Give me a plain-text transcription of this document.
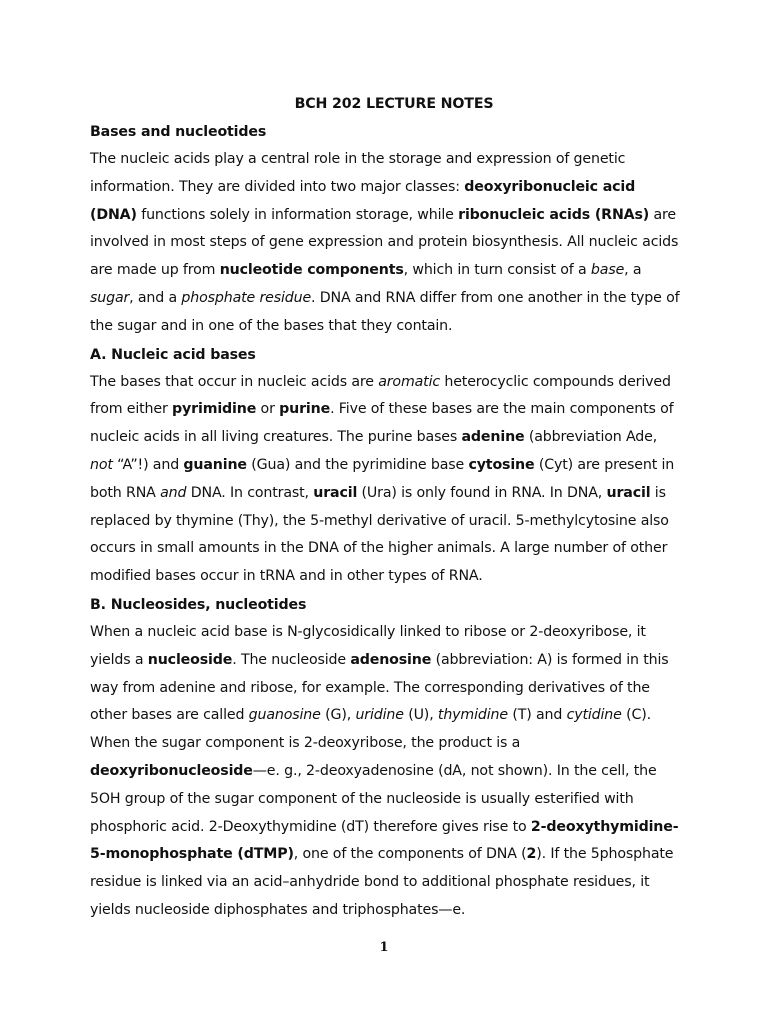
BCH 202 LECTURE NOTES

Bases and nucleotides

The nucleic acids play a central role in the storage and expression of genetic information. They are divided into two major classes: deoxyribonucleic acid (DNA) functions solely in information storage, while ribonucleic acids (RNAs) are involved in most steps of gene expression and protein biosynthesis. All nucleic acids are made up from nucleotide components, which in turn consist of a base, a sugar, and a phosphate residue. DNA and RNA differ from one another in the type of the sugar and in one of the bases that they contain.

A. Nucleic acid bases

The bases that occur in nucleic acids are aromatic heterocyclic compounds derived from either pyrimidine or purine. Five of these bases are the main components of nucleic acids in all living creatures. The purine bases adenine (abbreviation Ade, not “A”!) and guanine (Gua) and the pyrimidine base cytosine (Cyt) are present in both RNA and DNA. In contrast, uracil (Ura) is only found in RNA. In DNA, uracil is replaced by thymine (Thy), the 5-methyl derivative of uracil. 5-methylcytosine also occurs in small amounts in the DNA of the higher animals. A large number of other modified bases occur in tRNA and in other types of RNA.

B. Nucleosides, nucleotides

When a nucleic acid base is N-glycosidically linked to ribose or 2-deoxyribose, it yields a nucleoside. The nucleoside adenosine (abbreviation: A) is formed in this way from adenine and ribose, for example. The corresponding derivatives of the other bases are called guanosine (G), uridine (U), thymidine (T) and cytidine (C). When the sugar component is 2-deoxyribose, the product is a deoxyribonucleoside—e. g., 2-deoxyadenosine (dA, not shown). In the cell, the 5OH group of the sugar component of the nucleoside is usually esterified with phosphoric acid. 2-Deoxythymidine (dT) therefore gives rise to 2-deoxythymidine-5-monophosphate (dTMP), one of the components of DNA (2). If the 5phosphate residue is linked via an acid–anhydride bond to additional phosphate residues, it yields nucleoside diphosphates and triphosphates—e.

1
